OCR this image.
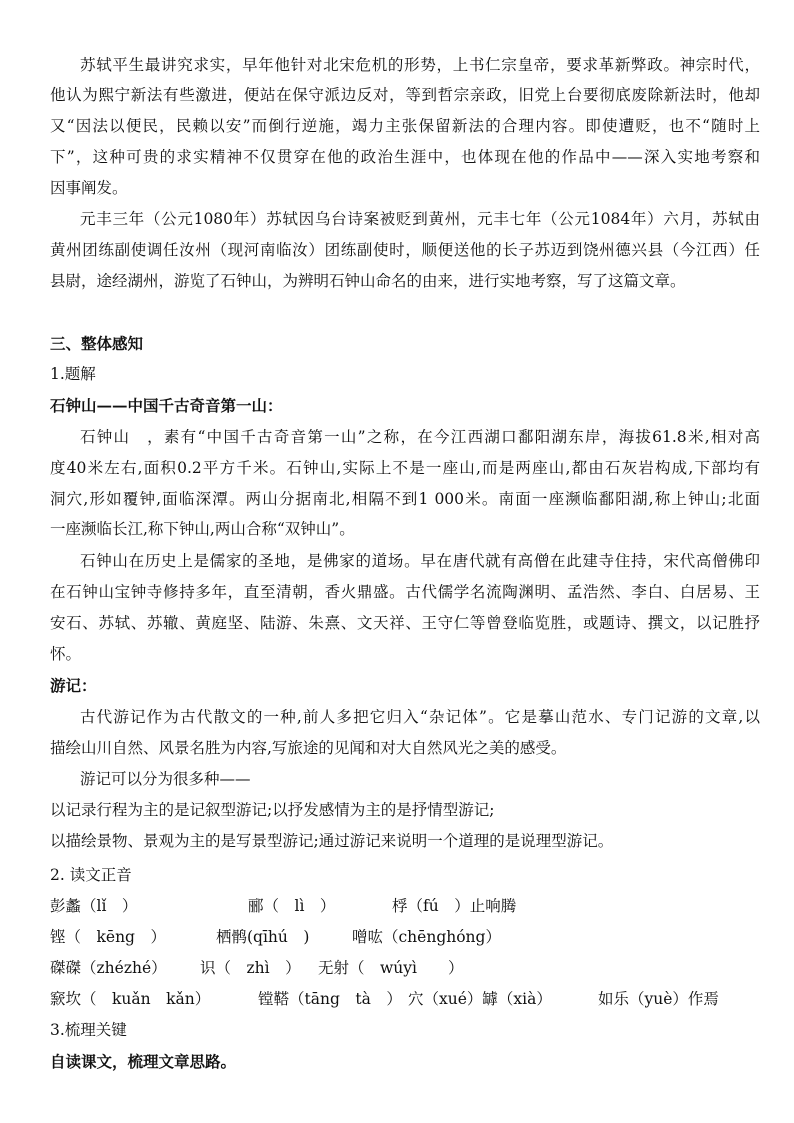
苏轼平生最讲究求实，早年他针对北宋危机的形势，上书仁宗皇帝，要求革新弊政。神宗时代，
他认为熙宁新法有些激进，便站在保守派边反对，等到哲宗亲政，旧党上台要彻底废除新法时，他却
又“因法以便民，民赖以安”而倒行逆施，竭力主张保留新法的合理内容。即使遭贬，也不“随时上
下”，这种可贵的求实精神不仅贯穿在他的政治生涯中，也体现在他的作品中——深入实地考察和
因事阐发。
元丰三年（公元1080年）苏轼因乌台诗案被贬到黄州，元丰七年（公元1084年）六月，苏轼由
黄州团练副使调任汝州（现河南临汝）团练副使时，顺便送他的长子苏迈到饶州德兴县（今江西）任
县尉，途经湖州，游览了石钟山，为辨明石钟山命名的由来，进行实地考察，写了这篇文章。
三、整体感知
1.题解
石钟山——中国千古奇音第一山：
石钟山　，素有“中国千古奇音第一山”之称，在今江西湖口鄱阳湖东岸，海拔61.8米,相对高
度40米左右,面积0.2平方千米。石钟山,实际上不是一座山,而是两座山,都由石灰岩构成,下部均有
洞穴,形如覆钟,面临深潭。两山分据南北,相隔不到1 000米。南面一座濒临鄱阳湖,称上钟山;北面
一座濒临长江,称下钟山,两山合称“双钟山”。
石钟山在历史上是儒家的圣地，是佛家的道场。早在唐代就有高僧在此建寺住持，宋代高僧佛印
在石钟山宝钟寺修持多年，直至清朝，香火鼎盛。古代儒学名流陶渊明、孟浩然、李白、白居易、王
安石、苏轼、苏辙、黄庭坚、陆游、朱熹、文天祥、王守仁等曾登临览胜，或题诗、撰文，以记胜抒
怀。
游记：
古代游记作为古代散文的一种,前人多把它归入“杂记体”。它是摹山范水、专门记游的文章,以
描绘山川自然、风景名胜为内容,写旅途的见闻和对大自然风光之美的感受。
游记可以分为很多种——
以记录行程为主的是记叙型游记;以抒发感情为主的是抒情型游记;
以描绘景物、景观为主的是写景型游记;通过游记来说明一个道理的是说理型游记。
2. 读文正音
彭蠡（lǐ　）	郦（　lì　）	桴（fú　）止响腾
铿（　kēng　）	栖鹘(qīhú　)	噌吰（chēnghóng）
磔磔（zhézhé） 识（　zhì　） 无射（　wúyì　　）
窾坎（　kuǎn　kǎn）	镗鞳（tāng　tà　） 穴（xué）罅（xià）	如乐（yuè）作焉
3.梳理关键
自读课文，梳理文章思路。
